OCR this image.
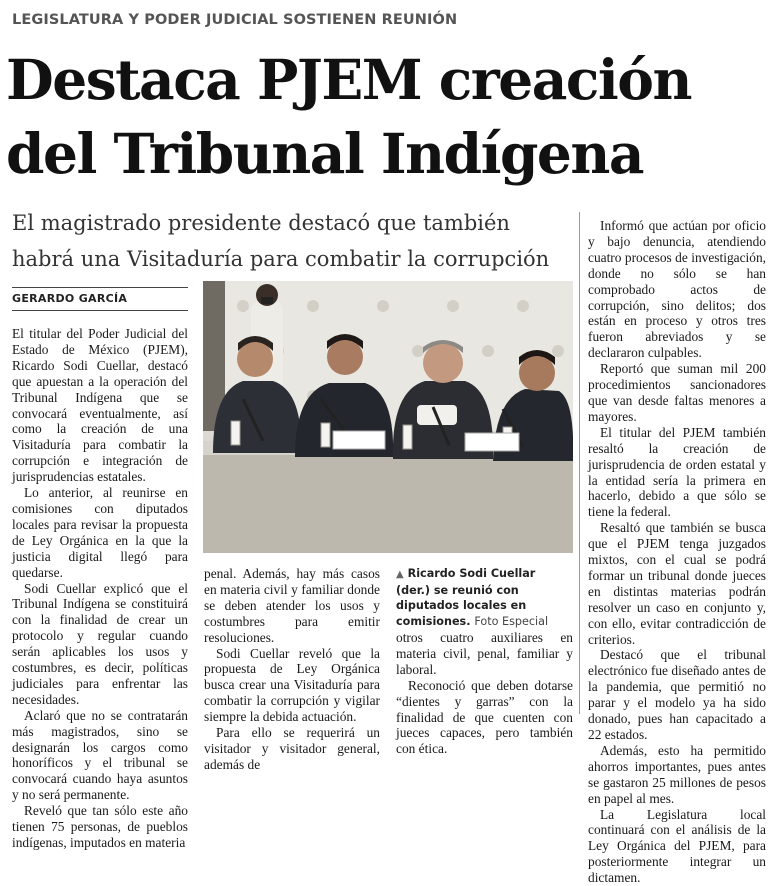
LEGISLATURA Y PODER JUDICIAL SOSTIENEN REUNIÓN
Destaca PJEM creación
del Tribunal Indígena
El magistrado presidente destacó que también
habrá una Visitaduría para combatir la corrupción
GERARDO GARCÍA

El titular del Poder Judicial del Estado de México (PJEM), Ricardo Sodi Cuellar, destacó que apuestan a la operación del Tribunal Indígena que se convocará eventualmente, así como la creación de una Visitaduría para combatir la corrupción e integración de jurisprudencias estatales.

Lo anterior, al reunirse en comisiones con diputados locales para revisar la propuesta de Ley Orgánica en la que la justicia digital llegó para quedarse.

Sodi Cuellar explicó que el Tribunal Indígena se constituirá con la finalidad de crear un protocolo y regular cuando serán aplicables los usos y costumbres, es decir, políticas judiciales para enfrentar las necesidades.

Aclaró que no se contratarán más magistrados, sino se designarán los cargos como honoríficos y el tribunal se convocará cuando haya asuntos y no será permanente.

Reveló que tan sólo este año tienen 75 personas, de pueblos indígenas, imputados en materia

penal. Además, hay más casos en materia civil y familiar donde se deben atender los usos y costumbres para emitir resoluciones.

Sodi Cuellar reveló que la propuesta de Ley Orgánica busca crear una Visitaduría para combatir la corrupción y vigilar siempre la debida actuación.

Para ello se requerirá un visitador y visitador general, además de

▲ Ricardo Sodi Cuellar (der.) se reunió con diputados locales en comisiones. Foto Especial

otros cuatro auxiliares en materia civil, penal, familiar y laboral.

Reconoció que deben dotarse “dientes y garras” con la finalidad de que cuenten con jueces capaces, pero también con ética.

Informó que actúan por oficio y bajo denuncia, atendiendo cuatro procesos de investigación, donde no sólo se han comprobado actos de corrupción, sino delitos; dos están en proceso y otros tres fueron abreviados y se declararon culpables.

Reportó que suman mil 200 procedimientos sancionadores que van desde faltas menores a mayores.

El titular del PJEM también resaltó la creación de jurisprudencia de orden estatal y la entidad sería la primera en hacerlo, debido a que sólo se tiene la federal.

Resaltó que también se busca que el PJEM tenga juzgados mixtos, con el cual se podrá formar un tribunal donde jueces en distintas materias podrán resolver un caso en conjunto y, con ello, evitar contradicción de criterios.

Destacó que el tribunal electrónico fue diseñado antes de la pandemia, que permitió no parar y el modelo ya ha sido donado, pues han capacitado a 22 estados.

Además, esto ha permitido ahorros importantes, pues antes se gastaron 25 millones de pesos en papel al mes.

La Legislatura local continuará con el análisis de la Ley Orgánica del PJEM, para posteriormente integrar un dictamen.
